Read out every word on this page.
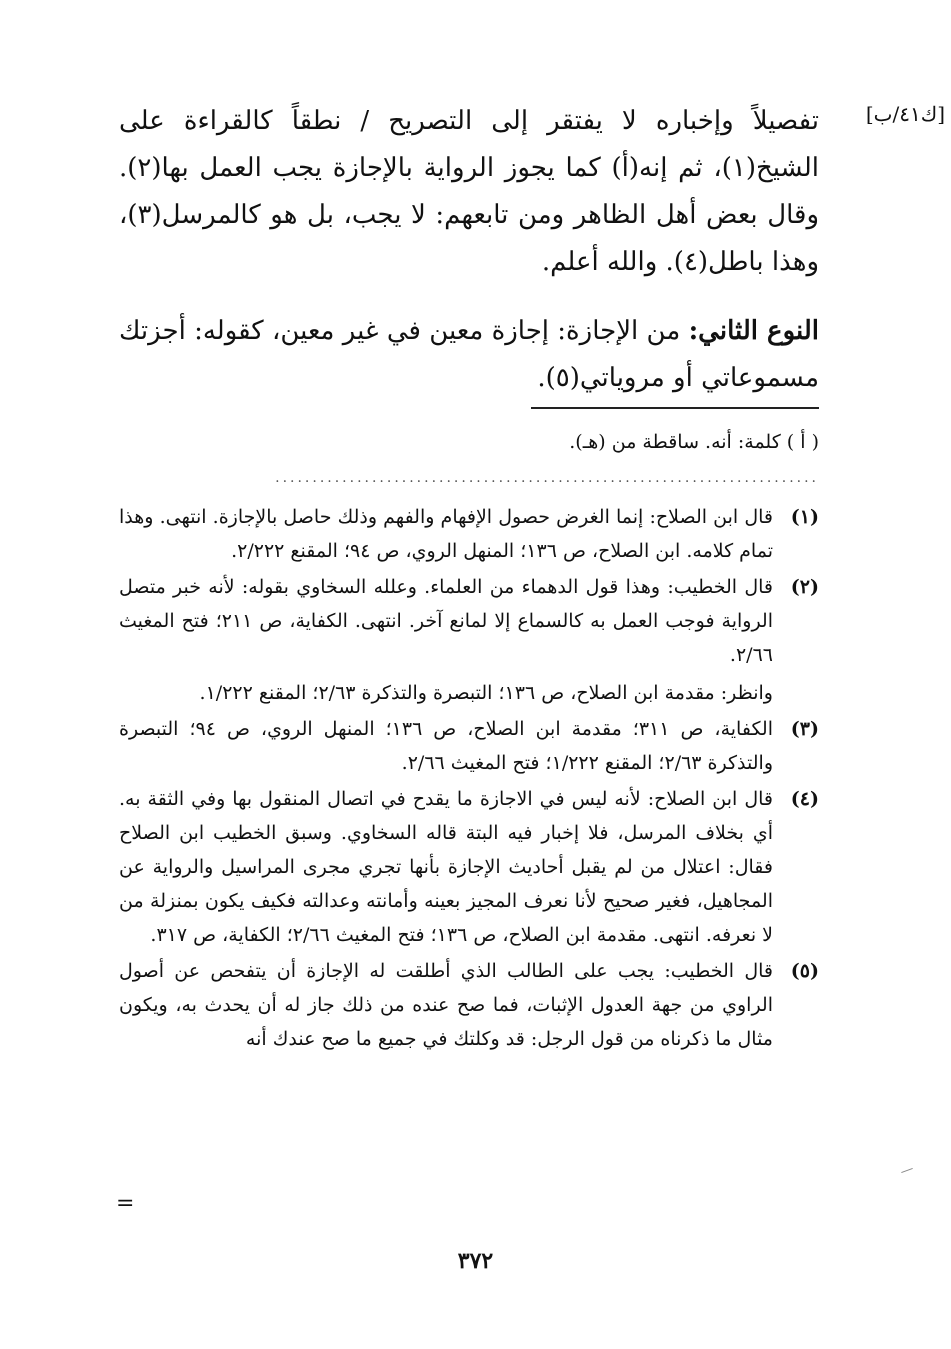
[ك٤١/ب]

تفصيلاً وإخباره لا يفتقر إلى التصريح / نطقاً كالقراءة على الشيخ(١)، ثم إنه(أ) كما يجوز الرواية بالإجازة يجب العمل بها(٢). وقال بعض أهل الظاهر ومن تابعهم: لا يجب، بل هو كالمرسل(٣)، وهذا باطل(٤). والله أعلم.

النوع الثاني: من الإجازة: إجازة معين في غير معين، كقوله: أجزتك مسموعاتي أو مروياتي(٥).

( أ ) كلمة: أنه. ساقطة من (هـ).

.........................................................................
(١)

قال ابن الصلاح: إنما الغرض حصول الإفهام والفهم وذلك حاصل بالإجازة. انتهى. وهذا تمام كلامه. ابن الصلاح، ص ١٣٦؛ المنهل الروي، ص ٩٤؛ المقنع ٢/٢٢٢.

(٢)

قال الخطيب: وهذا قول الدهماء من العلماء. وعلله السخاوي بقوله: لأنه خبر متصل الرواية فوجب العمل به كالسماع إلا لمانع آخر. انتهى. الكفاية، ص ٢١١؛ فتح المغيث ٢/٦٦.

وانظر: مقدمة ابن الصلاح، ص ١٣٦؛ التبصرة والتذكرة ٢/٦٣؛ المقنع ١/٢٢٢.

(٣)

الكفاية، ص ٣١١؛ مقدمة ابن الصلاح، ص ١٣٦؛ المنهل الروي، ص ٩٤؛ التبصرة والتذكرة ٢/٦٣؛ المقنع ١/٢٢٢؛ فتح المغيث ٢/٦٦.

(٤)

قال ابن الصلاح: لأنه ليس في الاجازة ما يقدح في اتصال المنقول بها وفي الثقة به. أي بخلاف المرسل، فلا إخبار فيه البتة قاله السخاوي. وسبق الخطيب ابن الصلاح فقال: اعتلال من لم يقبل أحاديث الإجازة بأنها تجري مجرى المراسيل والرواية عن المجاهيل، فغير صحيح لأنا نعرف المجيز بعينه وأمانته وعدالته فكيف يكون بمنزلة من لا نعرفه. انتهى. مقدمة ابن الصلاح، ص ١٣٦؛ فتح المغيث ٢/٦٦؛ الكفاية، ص ٣١٧.

(٥)

قال الخطيب: يجب على الطالب الذي أطلقت له الإجازة أن يتفحص عن أصول الراوي من جهة العدول الإثبات، فما صح عنده من ذلك جاز له أن يحدث به، ويكون مثال ما ذكرناه من قول الرجل: قد وكلتك في جميع ما صح عندك أنه

=
٣٧٢
